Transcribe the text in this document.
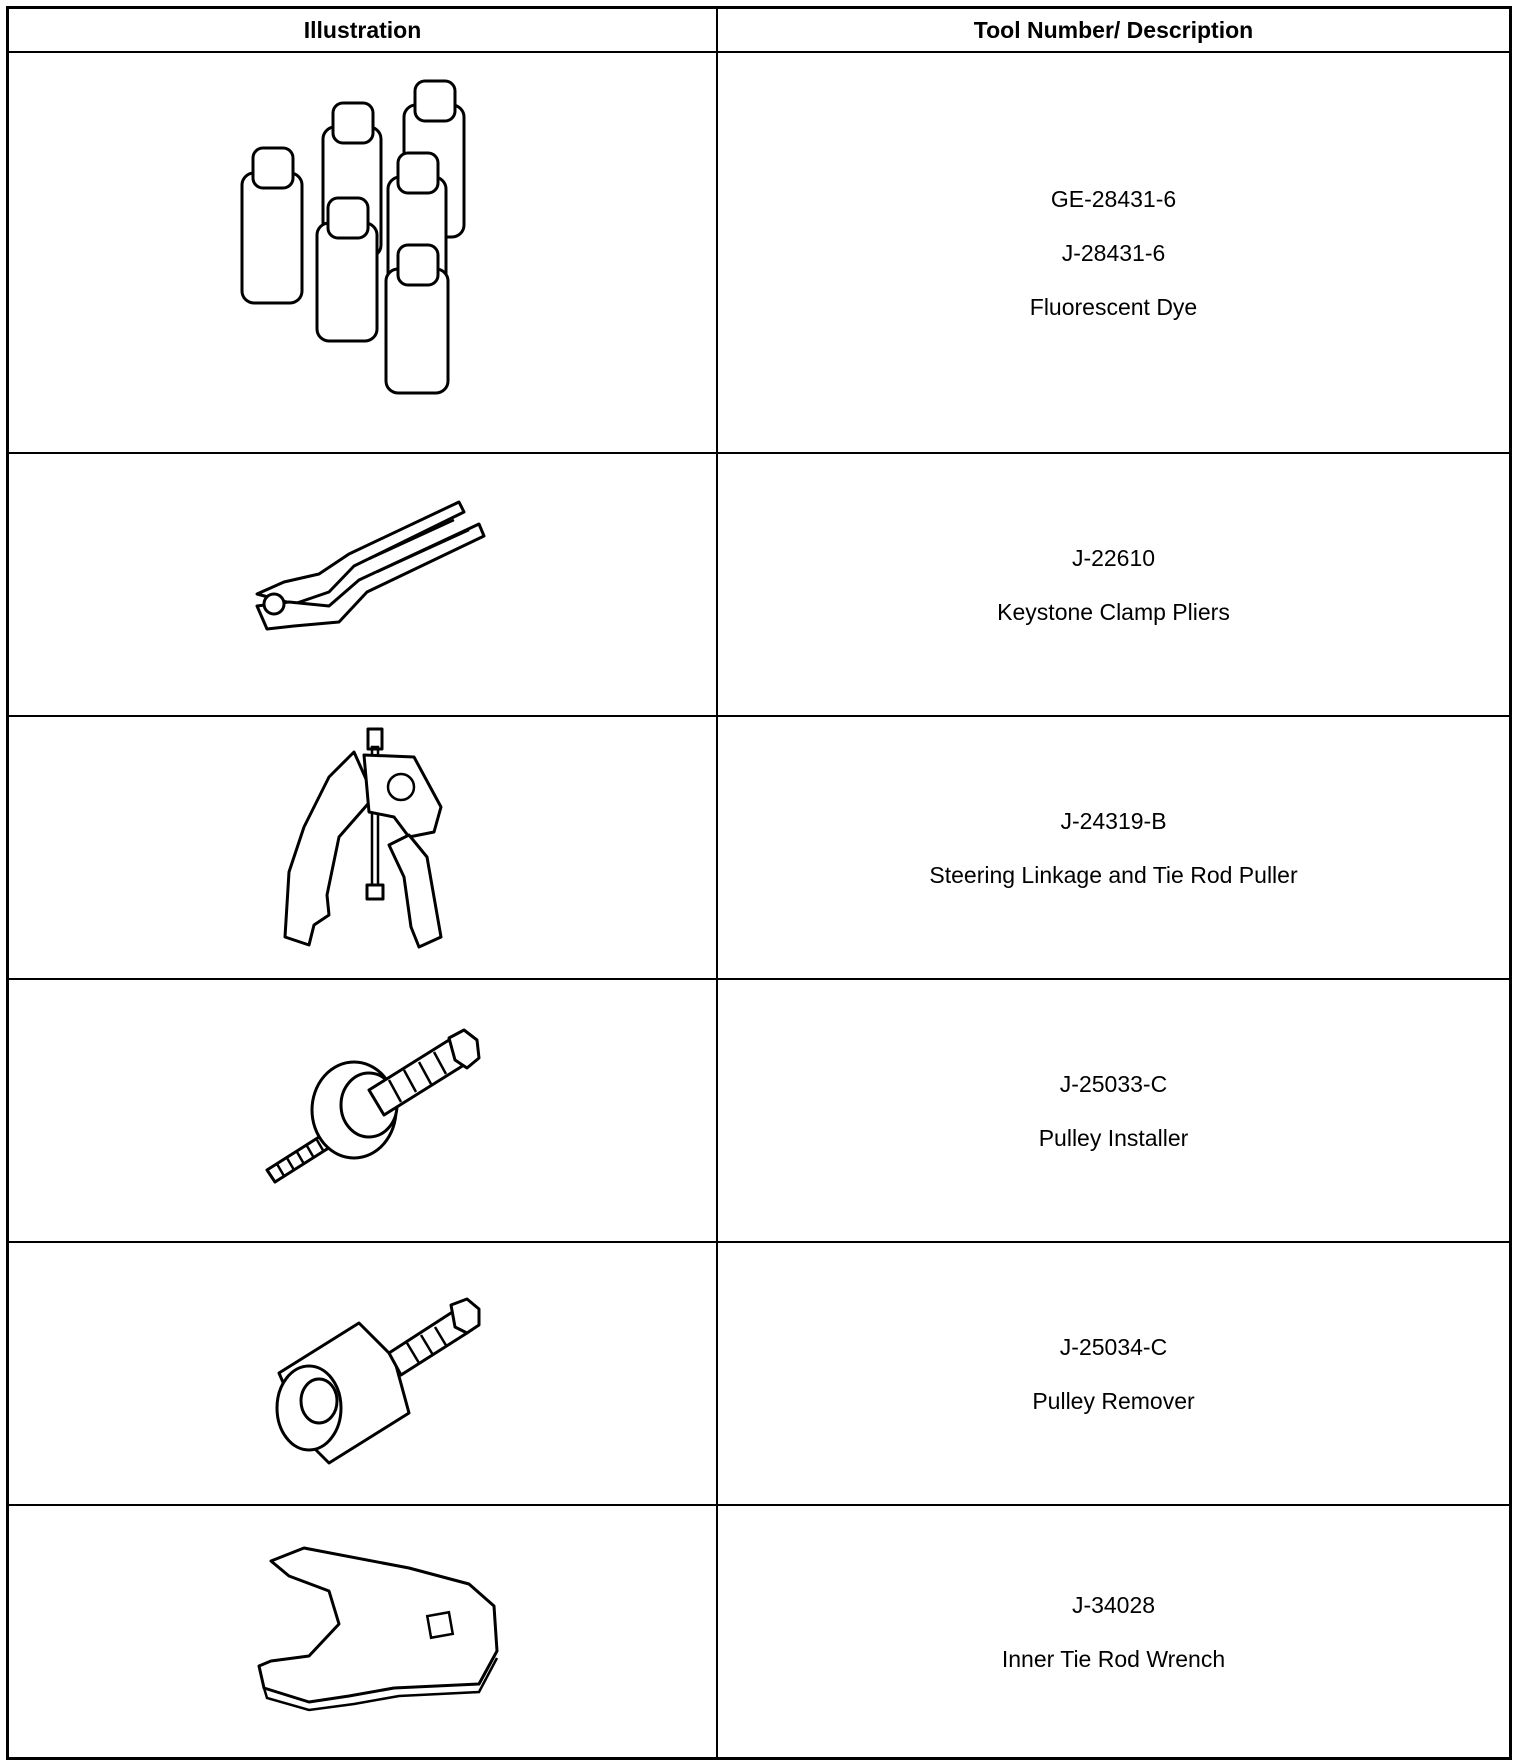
Illustration	Tool Number/ Description
GE-28431-6
J-28431-6
Fluorescent Dye
J-22610
Keystone Clamp Pliers
J-24319-B
Steering Linkage and Tie Rod Puller
J-25033-C
Pulley Installer
J-25034-C
Pulley Remover
J-34028
Inner Tie Rod Wrench
